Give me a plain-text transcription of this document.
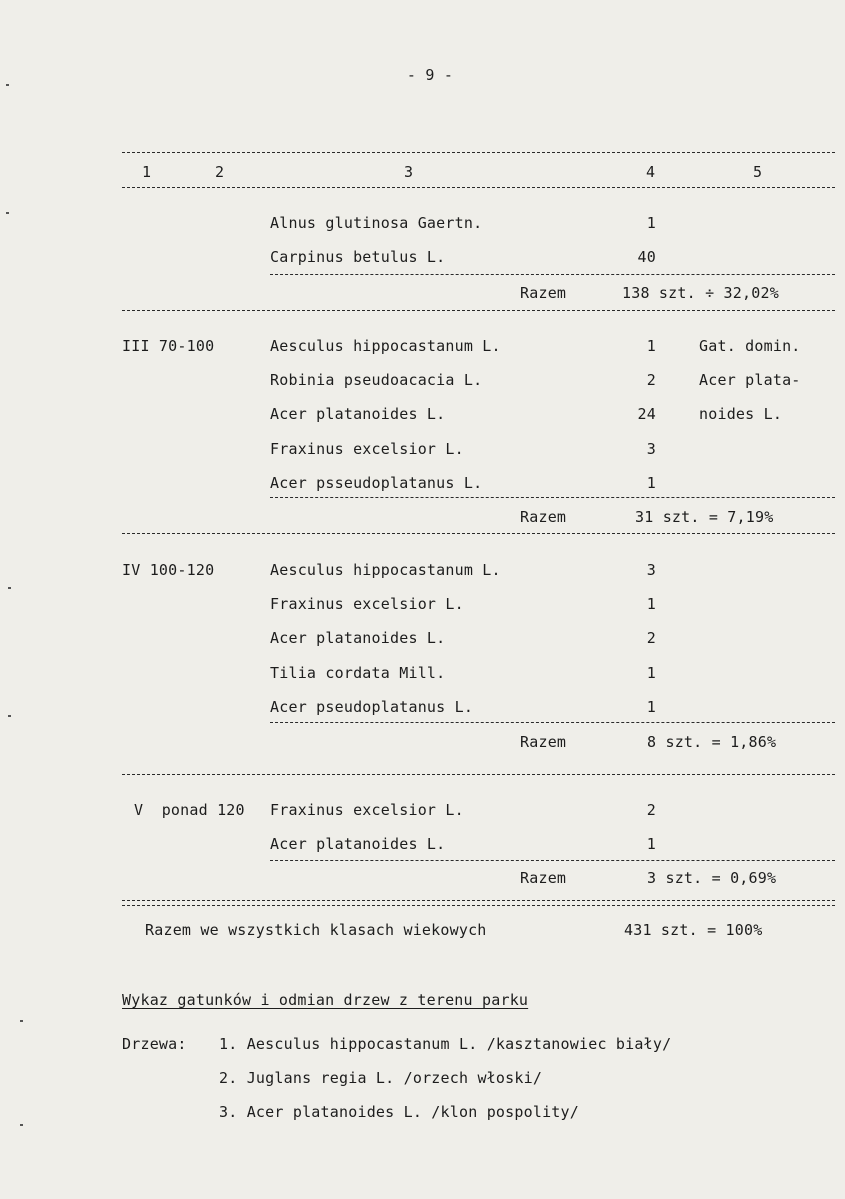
- 9 -
1	2	3	4	5
Alnus glutinosa Gaertn.	1
Carpinus betulus L.	40
Razem	138 szt. ÷ 32,02%
III 70-100	Aesculus hippocastanum L.	1	Gat. domin.
Robinia pseudoacacia L.	2	Acer plata-
Acer platanoides L.	24	noides L.
Fraxinus excelsior L.	3
Acer psseudoplatanus L.	1
Razem	31 szt. = 7,19%
IV 100-120	Aesculus hippocastanum L.	3
Fraxinus excelsior L.	1
Acer platanoides L.	2
Tilia cordata Mill.	1
Acer pseudoplatanus L.	1
Razem	8 szt. = 1,86%
V  ponad 120 Fraxinus excelsior L.	2
Acer platanoides L.	1
Razem	3 szt. = 0,69%
Razem we wszystkich klasach wiekowych	431 szt. = 100%
Wykaz gatunków i odmian drzew z terenu parku
Drzewa: 1. Aesculus hippocastanum L. /kasztanowiec biały/
2. Juglans regia L. /orzech włoski/
3. Acer platanoides L. /klon pospolity/
